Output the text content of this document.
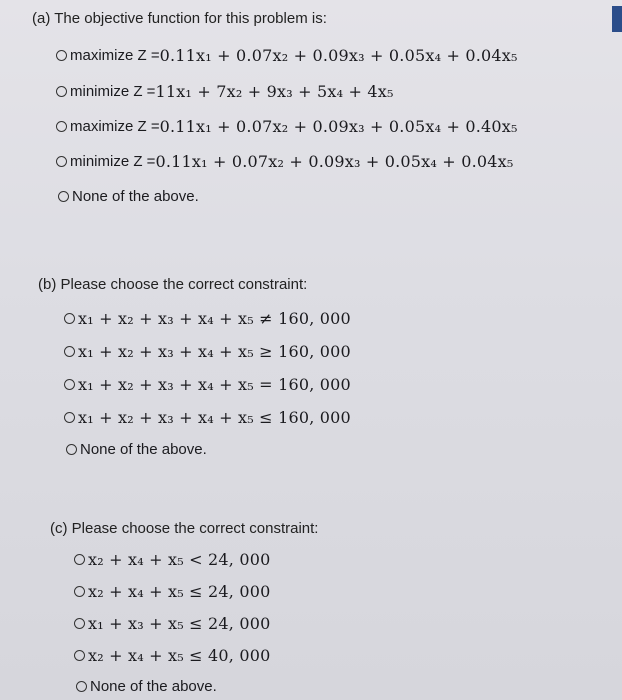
(a) The objective function for this problem is:
maximize Z = 0.11x₁ + 0.07x₂ + 0.09x₃ + 0.05x₄ + 0.04x₅
minimize Z = 11x₁ + 7x₂ + 9x₃ + 5x₄ + 4x₅
maximize Z = 0.11x₁ + 0.07x₂ + 0.09x₃ + 0.05x₄ + 0.40x₅
minimize Z = 0.11x₁ + 0.07x₂ + 0.09x₃ + 0.05x₄ + 0.04x₅
None of the above.
(b) Please choose the correct constraint:
x₁ + x₂ + x₃ + x₄ + x₅ ≠ 160, 000
x₁ + x₂ + x₃ + x₄ + x₅ ≥ 160, 000
x₁ + x₂ + x₃ + x₄ + x₅ = 160, 000
x₁ + x₂ + x₃ + x₄ + x₅ ≤ 160, 000
None of the above.
(c) Please choose the correct constraint:
x₂ + x₄ + x₅ < 24, 000
x₂ + x₄ + x₅ ≤ 24, 000
x₁ + x₃ + x₅ ≤ 24, 000
x₂ + x₄ + x₅ ≤ 40, 000
None of the above.
